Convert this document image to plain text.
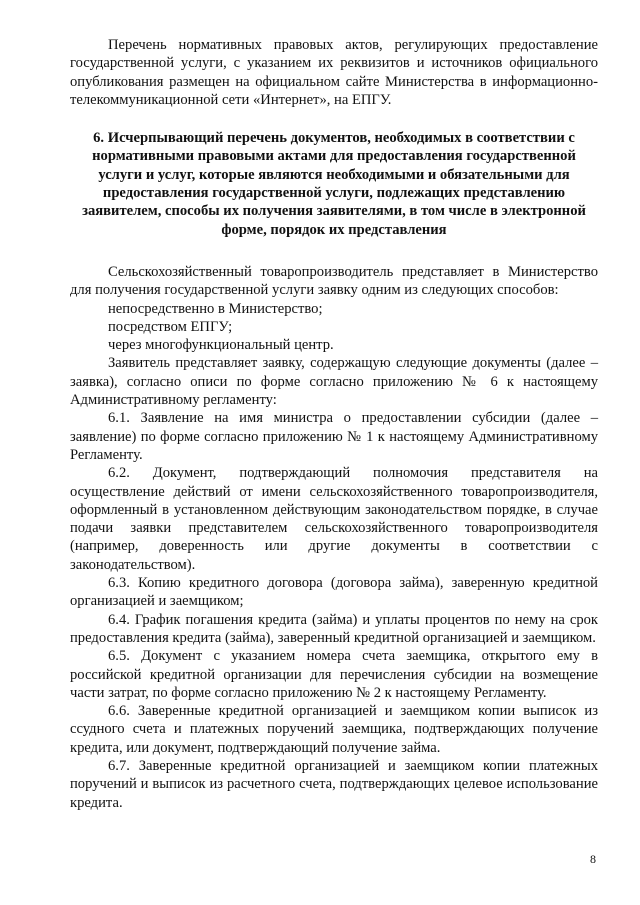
Перечень нормативных правовых актов, регулирующих предоставление государственной услуги, с указанием их реквизитов и источников официального опубликования размещен на официальном сайте Министерства в информационно-телекоммуникационной сети «Интернет», на ЕПГУ.

6. Исчерпывающий перечень документов, необходимых в соответствии с нормативными правовыми актами для предоставления государственной услуги и услуг, которые являются необходимыми и обязательными для предоставления государственной услуги, подлежащих представлению заявителем, способы их получения заявителями, в том числе в электронной форме, порядок их представления

Сельскохозяйственный товаропроизводитель представляет в Министерство для получения государственной услуги заявку одним из следующих способов:

непосредственно в Министерство;

посредством ЕПГУ;

через многофункциональный центр.

Заявитель представляет заявку, содержащую следующие документы (далее – заявка), согласно описи по форме согласно приложению № 6 к настоящему Административному регламенту:

6.1. Заявление на имя министра о предоставлении субсидии (далее – заявление) по форме согласно приложению № 1 к настоящему Административному Регламенту.

6.2. Документ, подтверждающий полномочия представителя на осуществление действий от имени сельскохозяйственного товаропроизводителя, оформленный в установленном действующим законодательством порядке, в случае подачи заявки представителем сельскохозяйственного товаропроизводителя (например, доверенность или другие документы в соответствии с законодательством).

6.3. Копию кредитного договора (договора займа), заверенную кредитной организацией и заемщиком;

6.4. График погашения кредита (займа) и уплаты процентов по нему на срок предоставления кредита (займа), заверенный кредитной организацией и заемщиком.

6.5. Документ с указанием номера счета заемщика, открытого ему в российской кредитной организации для перечисления субсидии на возмещение части затрат, по форме согласно приложению № 2 к настоящему Регламенту.

6.6. Заверенные кредитной организацией и заемщиком копии выписок из ссудного счета и платежных поручений заемщика, подтверждающих получение кредита, или документ, подтверждающий получение займа.

6.7. Заверенные кредитной организацией и заемщиком копии платежных поручений и выписок из расчетного счета, подтверждающих целевое использование кредита.

8
